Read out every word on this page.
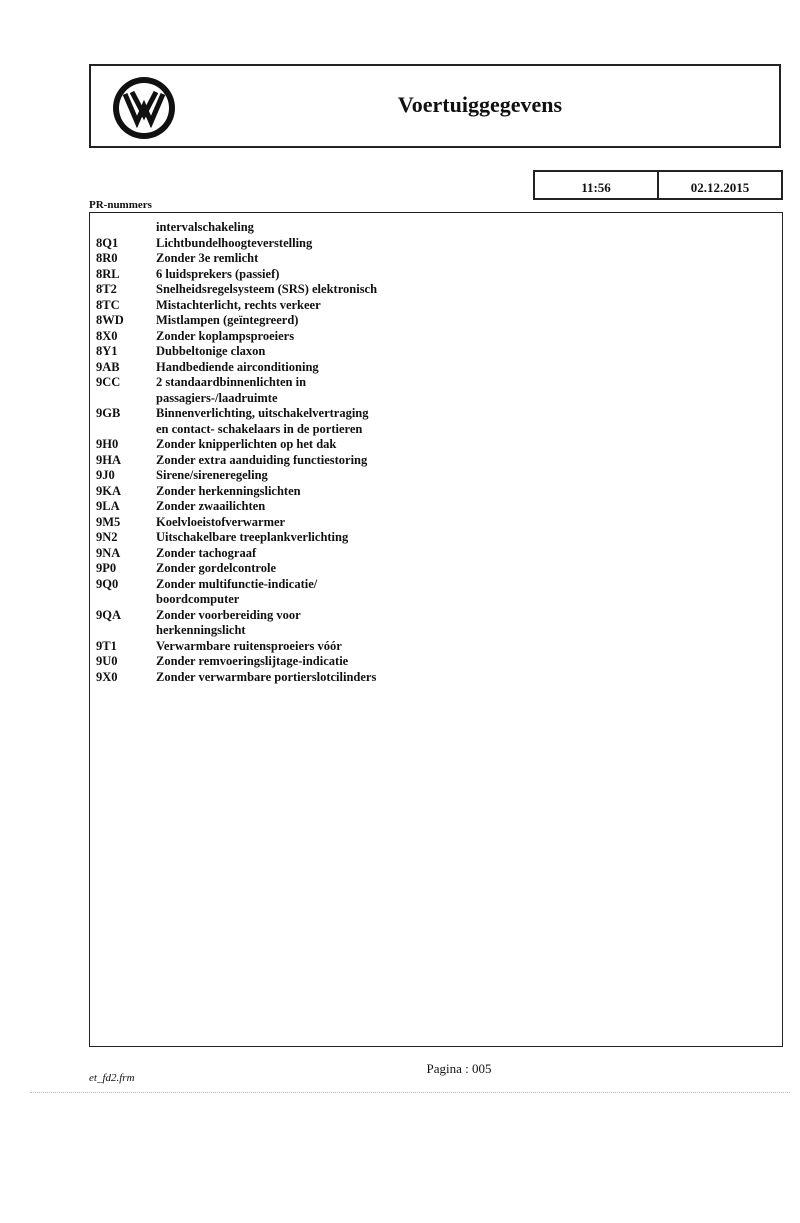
Voertuiggegevens
11:56	02.12.2015
PR-nummers
intervalschakeling
8Q1	Lichtbundelhoogteverstelling
8R0	Zonder 3e remlicht
8RL	6 luidsprekers (passief)
8T2	Snelheidsregelsysteem (SRS) elektronisch
8TC	Mistachterlicht, rechts verkeer
8WD	Mistlampen (geïntegreerd)
8X0	Zonder koplampsproeiers
8Y1	Dubbeltonige claxon
9AB	Handbediende airconditioning
9CC	2 standaardbinnenlichten in
passagiers-/laadruimte
9GB	Binnenverlichting, uitschakelvertraging
en contact- schakelaars in de portieren
9H0	Zonder knipperlichten op het dak
9HA	Zonder extra aanduiding functiestoring
9J0	Sirene/sireneregeling
9KA	Zonder herkenningslichten
9LA	Zonder zwaailichten
9M5	Koelvloeistofverwarmer
9N2	Uitschakelbare treeplankverlichting
9NA	Zonder tachograaf
9P0	Zonder gordelcontrole
9Q0	Zonder multifunctie-indicatie/
boordcomputer
9QA	Zonder voorbereiding voor
herkenningslicht
9T1	Verwarmbare ruitensproeiers vóór
9U0	Zonder remvoeringslijtage-indicatie
9X0	Zonder verwarmbare portierslotcilinders
Pagina : 005
et_fd2.frm
